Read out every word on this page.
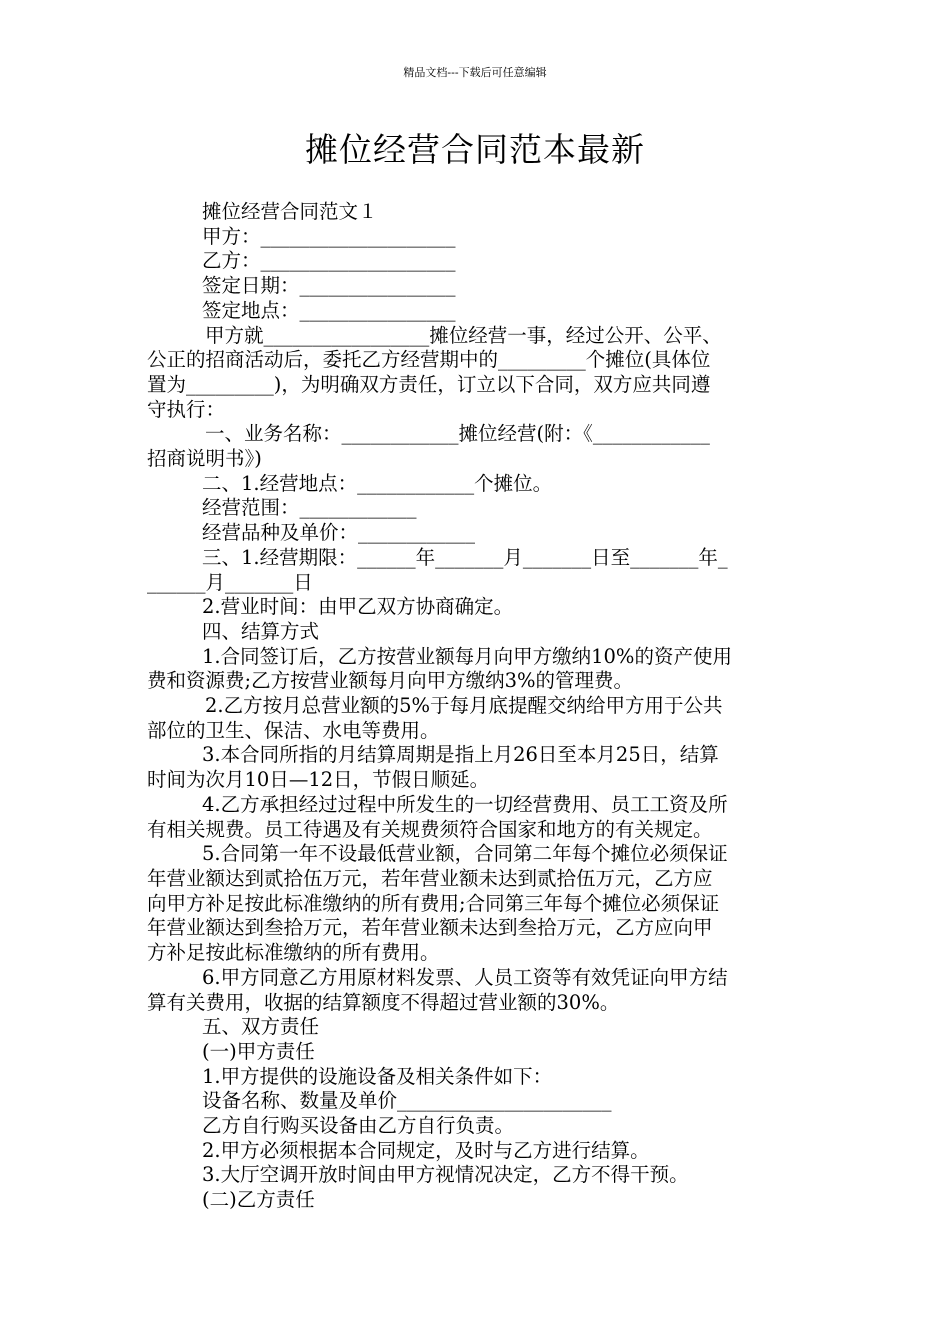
精品文档---下载后可任意编辑
摊位经营合同范本最新

摊位经营合同范文１

甲方：____________________

乙方：____________________

签定日期：________________

签定地点：________________

甲方就_________________摊位经营一事，经过公开、公平、

公正的招商活动后，委托乙方经营期中的_________个摊位(具体位

置为_________)，为明确双方责任，订立以下合同，双方应共同遵

守执行：

一、业务名称：____________摊位经营(附：《____________

招商说明书》)

二、1.经营地点：____________个摊位。

经营范围：____________

经营品种及单价：____________

三、1.经营期限：______年_______月_______日至_______年_

______月_______日

2.营业时间：由甲乙双方协商确定。

四、结算方式

1.合同签订后，乙方按营业额每月向甲方缴纳10%的资产使用

费和资源费;乙方按营业额每月向甲方缴纳3%的管理费。

2.乙方按月总营业额的5%于每月底提醒交纳给甲方用于公共

部位的卫生、保洁、水电等费用。

3.本合同所指的月结算周期是指上月26日至本月25日，结算

时间为次月10日—12日，节假日顺延。

4.乙方承担经过过程中所发生的一切经营费用、员工工资及所

有相关规费。员工待遇及有关规费须符合国家和地方的有关规定。

5.合同第一年不设最低营业额，合同第二年每个摊位必须保证

年营业额达到贰拾伍万元，若年营业额未达到贰拾伍万元，乙方应

向甲方补足按此标准缴纳的所有费用;合同第三年每个摊位必须保证

年营业额达到叁拾万元，若年营业额未达到叁拾万元，乙方应向甲

方补足按此标准缴纳的所有费用。

6.甲方同意乙方用原材料发票、人员工资等有效凭证向甲方结

算有关费用，收据的结算额度不得超过营业额的30%。

五、双方责任

(一)甲方责任

1.甲方提供的设施设备及相关条件如下：

设备名称、数量及单价______________________

乙方自行购买设备由乙方自行负责。

2.甲方必须根据本合同规定，及时与乙方进行结算。

3.大厅空调开放时间由甲方视情况决定，乙方不得干预。

(二)乙方责任
